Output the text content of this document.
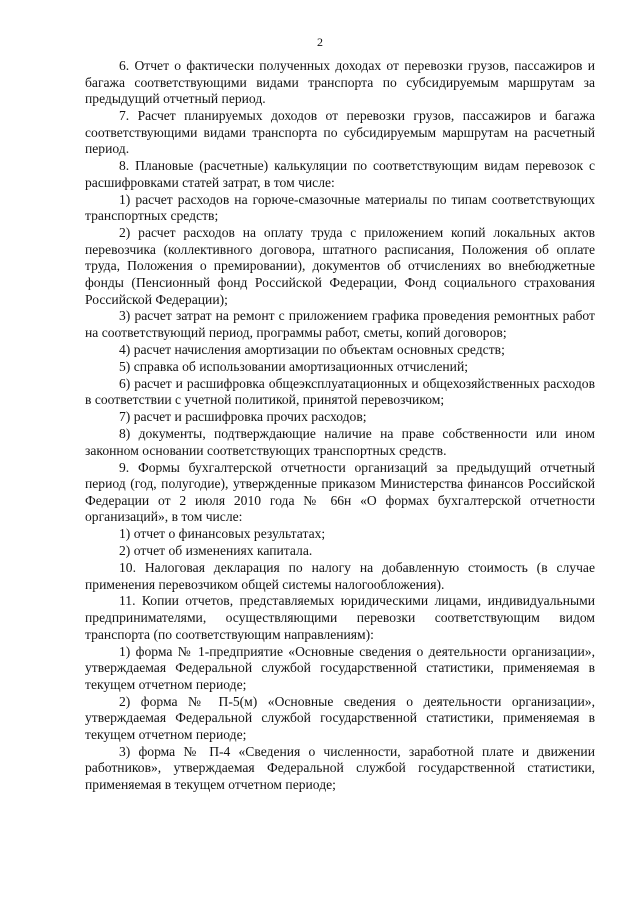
2

6. Отчет о фактически полученных доходах от перевозки грузов, пассажиров и багажа соответствующими видами транспорта по субсидируемым маршрутам за предыдущий отчетный период.

7. Расчет планируемых доходов от перевозки грузов, пассажиров и багажа соответствующими видами транспорта по субсидируемым маршрутам на расчетный период.

8. Плановые (расчетные) калькуляции по соответствующим видам перевозок с расшифровками статей затрат, в том числе:

1) расчет расходов на горюче-смазочные материалы по типам соответствующих транспортных средств;

2) расчет расходов на оплату труда с приложением копий локальных актов перевозчика (коллективного договора, штатного расписания, Положения об оплате труда, Положения о премировании), документов об отчислениях во внебюджетные фонды (Пенсионный фонд Российской Федерации, Фонд социального страхования Российской Федерации);

3) расчет затрат на ремонт с приложением графика проведения ремонтных работ на соответствующий период, программы работ, сметы, копий договоров;

4) расчет начисления амортизации по объектам основных средств;

5) справка об использовании амортизационных отчислений;

6) расчет и расшифровка общеэксплуатационных и общехозяйственных расходов в соответствии с учетной политикой, принятой перевозчиком;

7) расчет и расшифровка прочих расходов;

8) документы, подтверждающие наличие на праве собственности или ином законном основании соответствующих транспортных средств.

9. Формы бухгалтерской отчетности организаций за предыдущий отчетный период (год, полугодие), утвержденные приказом Министерства финансов Российской Федерации от 2 июля 2010 года № 66н «О формах бухгалтерской отчетности организаций», в том числе:

1) отчет о финансовых результатах;

2) отчет об изменениях капитала.

10. Налоговая декларация по налогу на добавленную стоимость (в случае применения перевозчиком общей системы налогообложения).

11. Копии отчетов, представляемых юридическими лицами, индивидуальными предпринимателями, осуществляющими перевозки соответствующим видом транспорта (по соответствующим направлениям):

1) форма № 1-предприятие «Основные сведения о деятельности организации», утверждаемая Федеральной службой государственной статистики, применяемая в текущем отчетном периоде;

2) форма № П-5(м) «Основные сведения о деятельности организации», утверждаемая Федеральной службой государственной статистики, применяемая в текущем отчетном периоде;

3) форма № П-4 «Сведения о численности, заработной плате и движении работников», утверждаемая Федеральной службой государственной статистики, применяемая в текущем отчетном периоде;
